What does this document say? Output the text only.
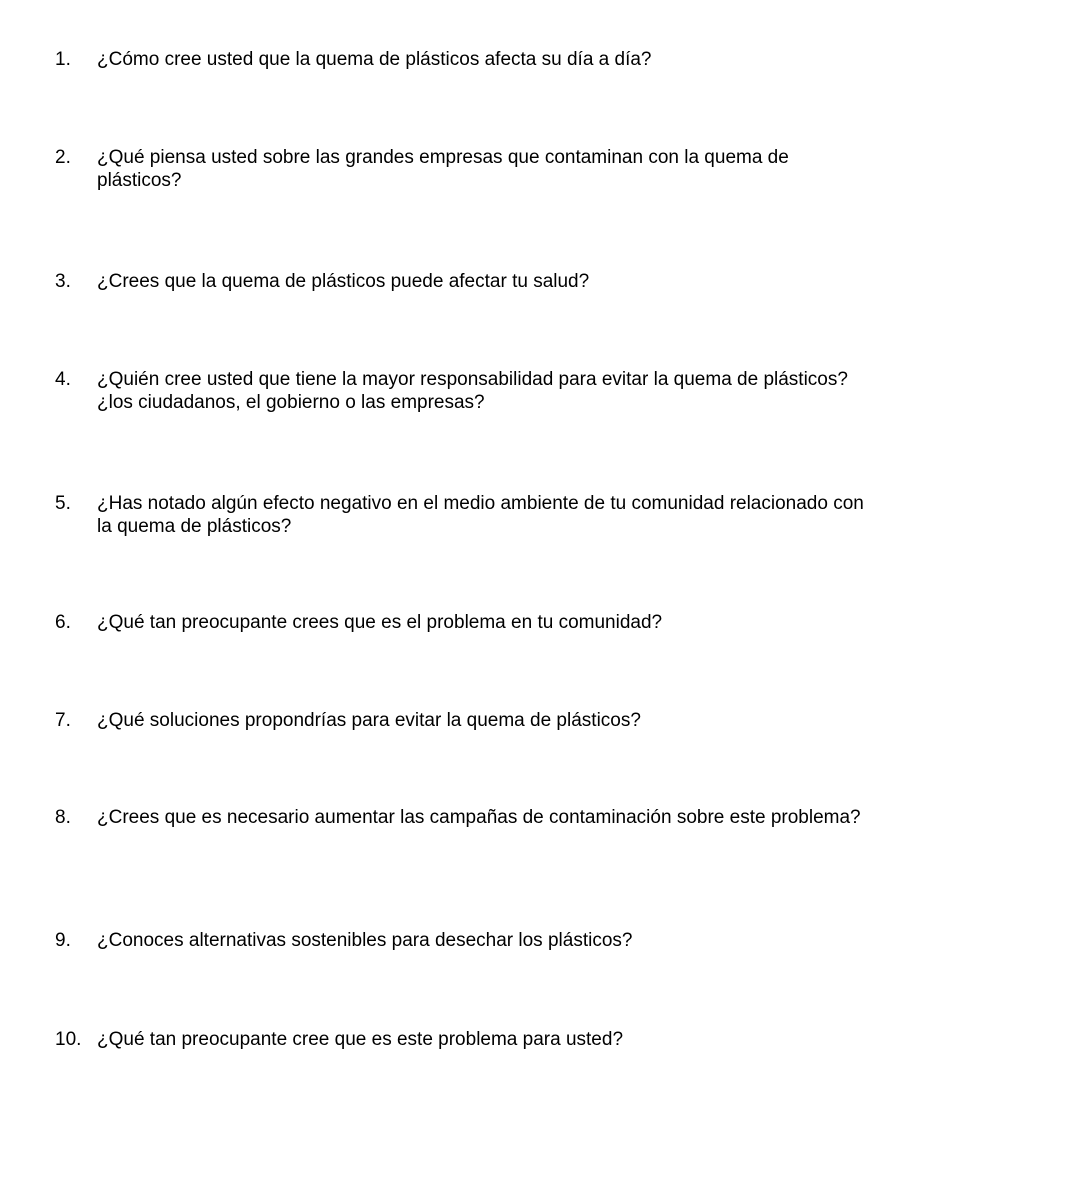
1.	¿Cómo cree usted que la quema de plásticos afecta su día a día?
2.	¿Qué piensa usted sobre las grandes empresas que contaminan con la quema de
plásticos?
3.	¿Crees que la quema de plásticos puede afectar tu salud?
4.	¿Quién cree usted que tiene la mayor responsabilidad para evitar la quema de plásticos?
¿los ciudadanos, el gobierno o las empresas?
5.	¿Has notado algún efecto negativo en el medio ambiente de tu comunidad relacionado con
la quema de plásticos?
6.	¿Qué tan preocupante crees que es el problema en tu comunidad?
7.	¿Qué soluciones propondrías para evitar la quema de plásticos?
8.	¿Crees que es necesario aumentar las campañas de contaminación sobre este problema?
9.	¿Conoces alternativas sostenibles para desechar los plásticos?
10. ¿Qué tan preocupante cree que es este problema para usted?
